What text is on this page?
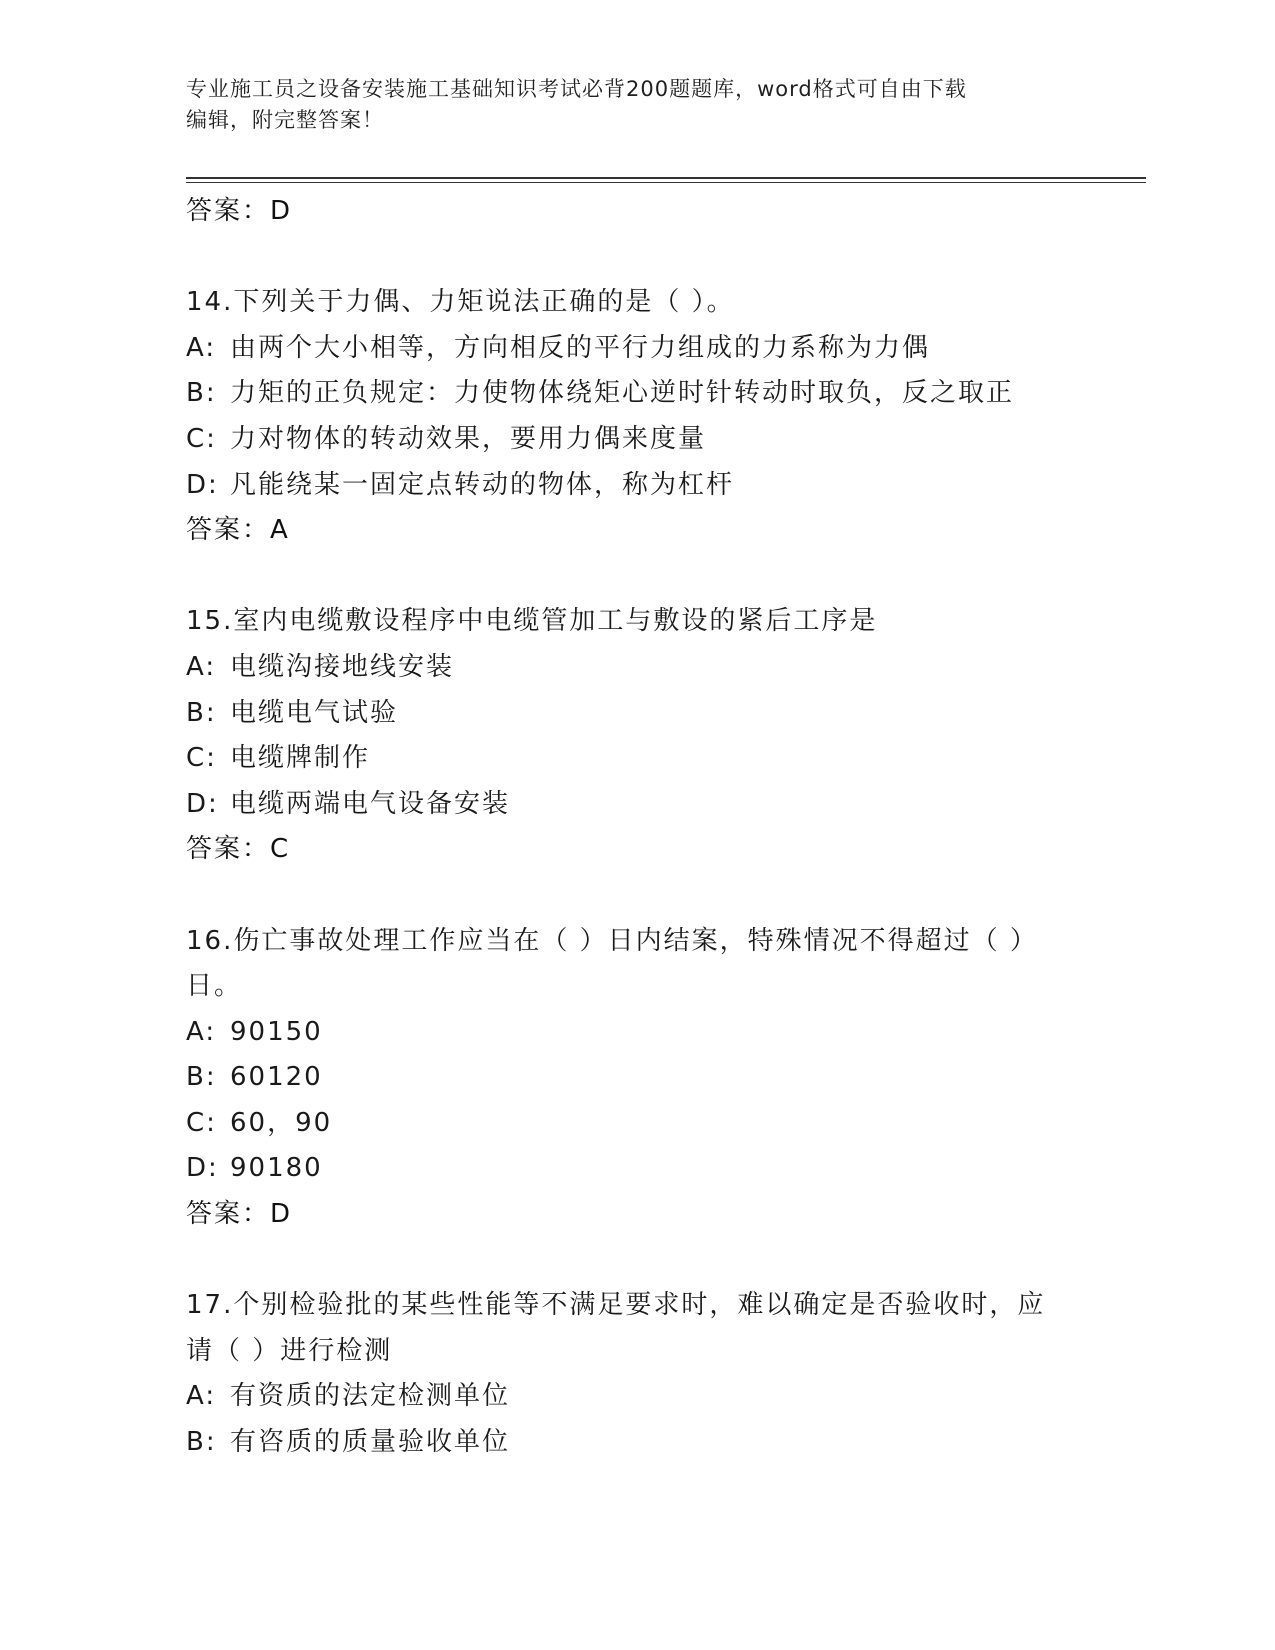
专业施工员之设备安装施工基础知识考试必背200题题库，word格式可自由下载
编辑，附完整答案！
答案：D
14.下列关于力偶、力矩说法正确的是（ ）。
A: 由两个大小相等，方向相反的平行力组成的力系称为力偶
B: 力矩的正负规定：力使物体绕矩心逆时针转动时取负，反之取正
C: 力对物体的转动效果，要用力偶来度量
D: 凡能绕某一固定点转动的物体，称为杠杆
答案：A
15.室内电缆敷设程序中电缆管加工与敷设的紧后工序是
A: 电缆沟接地线安装
B: 电缆电气试验
C: 电缆牌制作
D: 电缆两端电气设备安装
答案：C
16.伤亡事故处理工作应当在（ ）日内结案，特殊情况不得超过（ ）
日。
A: 90150
B: 60120
C: 60，90
D: 90180
答案：D
17.个别检验批的某些性能等不满足要求时，难以确定是否验收时，应
请（ ）进行检测
A: 有资质的法定检测单位
B: 有咨质的质量验收单位
